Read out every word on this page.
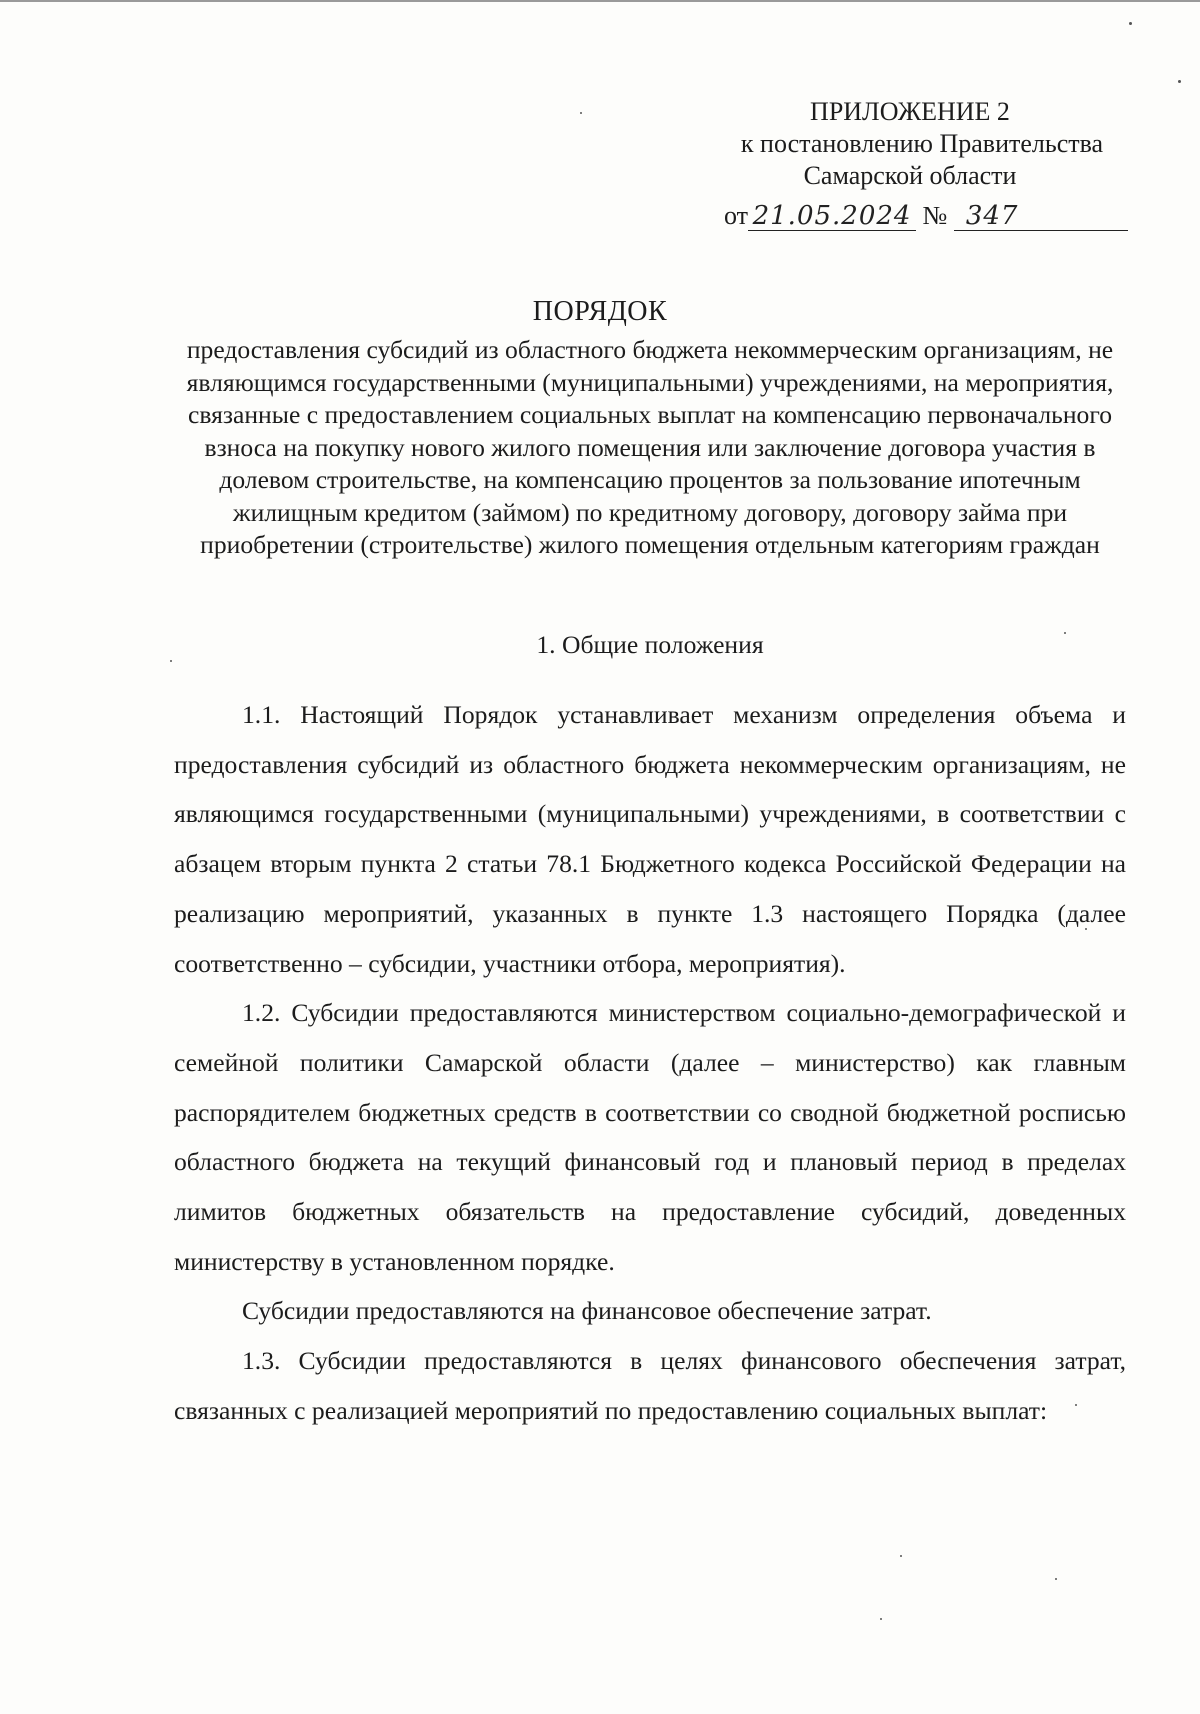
ПРИЛОЖЕНИЕ 2
к постановлению Правительства
Самарской области
от 21.05.2024 № 347
ПОРЯДОК
предоставления субсидий из областного бюджета некоммерческим организациям, не являющимся государственными (муниципальными) учреждениями, на мероприятия, связанные с предоставлением социальных выплат на компенсацию первоначального взноса на покупку нового жилого помещения или заключение договора участия в долевом строительстве, на компенсацию процентов за пользование ипотечным жилищным кредитом (займом) по кредитному договору, договору займа при приобретении (строительстве) жилого помещения отдельным категориям граждан
1. Общие положения

1.1. Настоящий Порядок устанавливает механизм определения объема и предоставления субсидий из областного бюджета некоммерческим организациям, не являющимся государственными (муниципальными) учреждениями, в соответствии с абзацем вторым пункта 2 статьи 78.1 Бюджетного кодекса Российской Федерации на реализацию мероприятий, указанных в пункте 1.3 настоящего Порядка (далее соответственно – субсидии, участники отбора, мероприятия).

1.2. Субсидии предоставляются министерством социально-демографической и семейной политики Самарской области (далее – министерство) как главным распорядителем бюджетных средств в соответствии со сводной бюджетной росписью областного бюджета на текущий финансовый год и плановый период в пределах лимитов бюджетных обязательств на предоставление субсидий, доведенных министерству в установленном порядке.

Субсидии предоставляются на финансовое обеспечение затрат.

1.3. Субсидии предоставляются в целях финансового обеспечения затрат, связанных с реализацией мероприятий по предоставлению социальных выплат:
